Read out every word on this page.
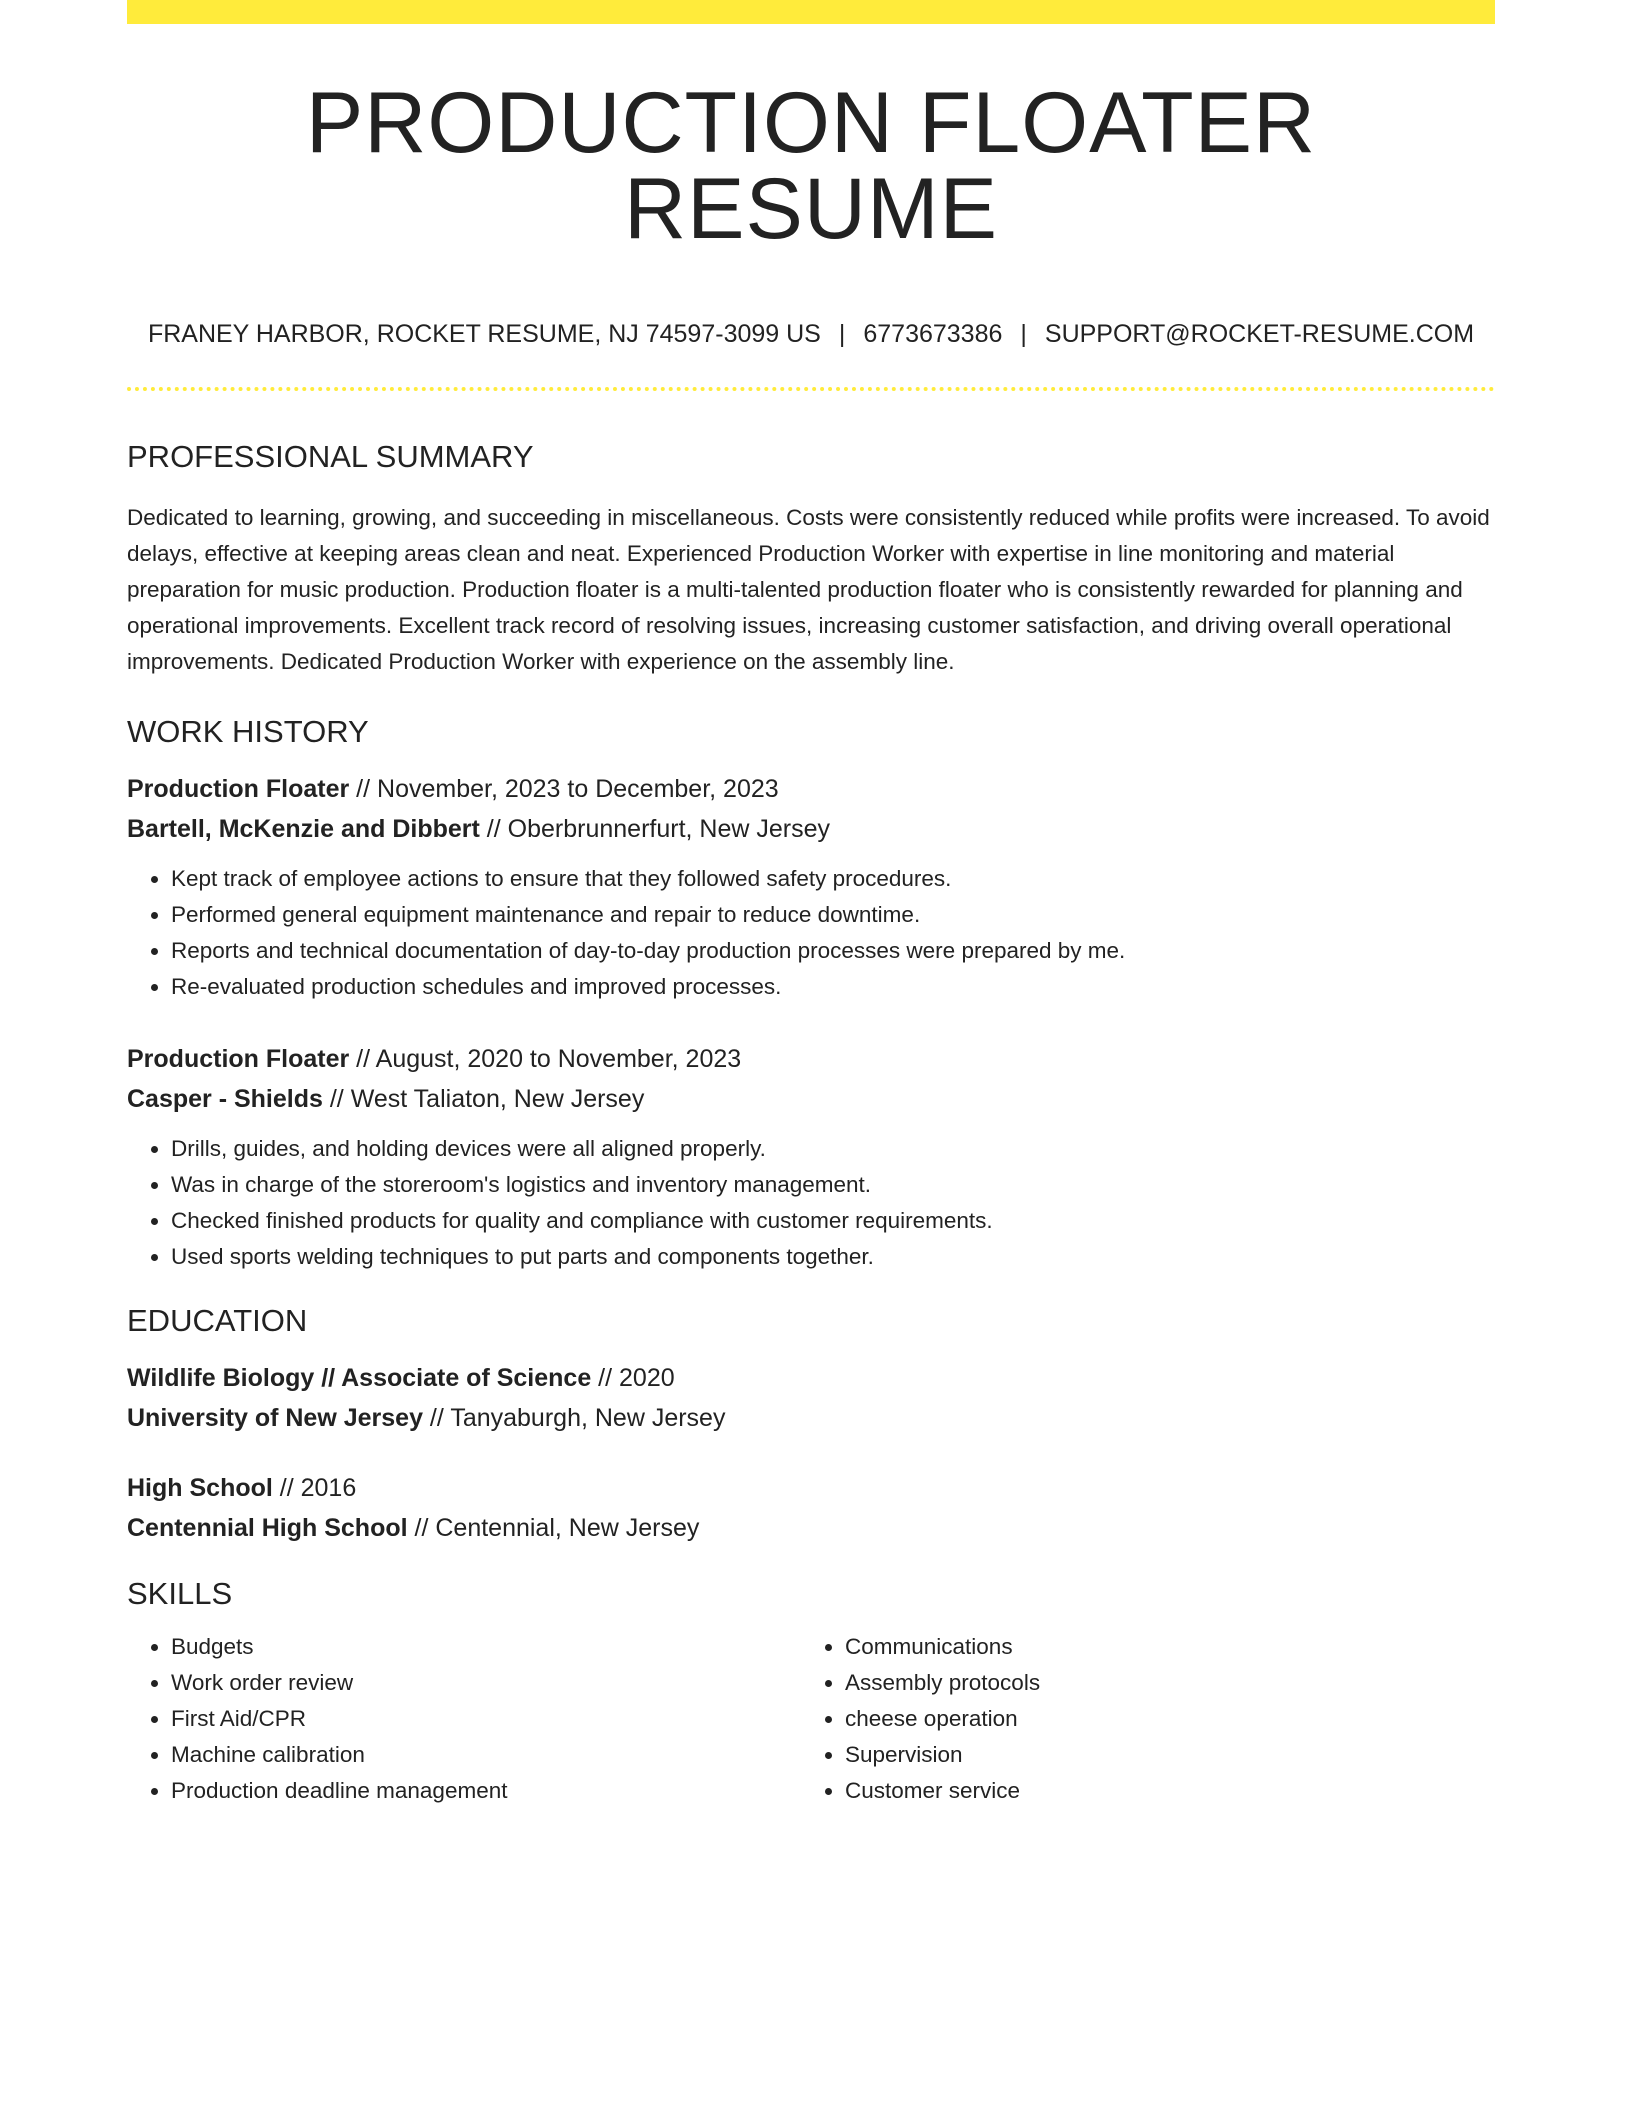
PRODUCTION FLOATER RESUME
FRANEY HARBOR, ROCKET RESUME, NJ 74597-3099 US | 6773673386 | SUPPORT@ROCKET-RESUME.COM
PROFESSIONAL SUMMARY
Dedicated to learning, growing, and succeeding in miscellaneous. Costs were consistently reduced while profits were increased. To avoid delays, effective at keeping areas clean and neat. Experienced Production Worker with expertise in line monitoring and material preparation for music production. Production floater is a multi-talented production floater who is consistently rewarded for planning and operational improvements. Excellent track record of resolving issues, increasing customer satisfaction, and driving overall operational improvements. Dedicated Production Worker with experience on the assembly line.
WORK HISTORY
Production Floater // November, 2023 to December, 2023
Bartell, McKenzie and Dibbert // Oberbrunnerfurt, New Jersey
• Kept track of employee actions to ensure that they followed safety procedures.
• Performed general equipment maintenance and repair to reduce downtime.
• Reports and technical documentation of day-to-day production processes were prepared by me.
• Re-evaluated production schedules and improved processes.
Production Floater // August, 2020 to November, 2023
Casper - Shields // West Taliaton, New Jersey
• Drills, guides, and holding devices were all aligned properly.
• Was in charge of the storeroom's logistics and inventory management.
• Checked finished products for quality and compliance with customer requirements.
• Used sports welding techniques to put parts and components together.
EDUCATION
Wildlife Biology // Associate of Science // 2020
University of New Jersey // Tanyaburgh, New Jersey
High School // 2016
Centennial High School // Centennial, New Jersey
SKILLS
• Budgets
• Work order review
• First Aid/CPR
• Machine calibration
• Production deadline management
• Communications
• Assembly protocols
• cheese operation
• Supervision
• Customer service
